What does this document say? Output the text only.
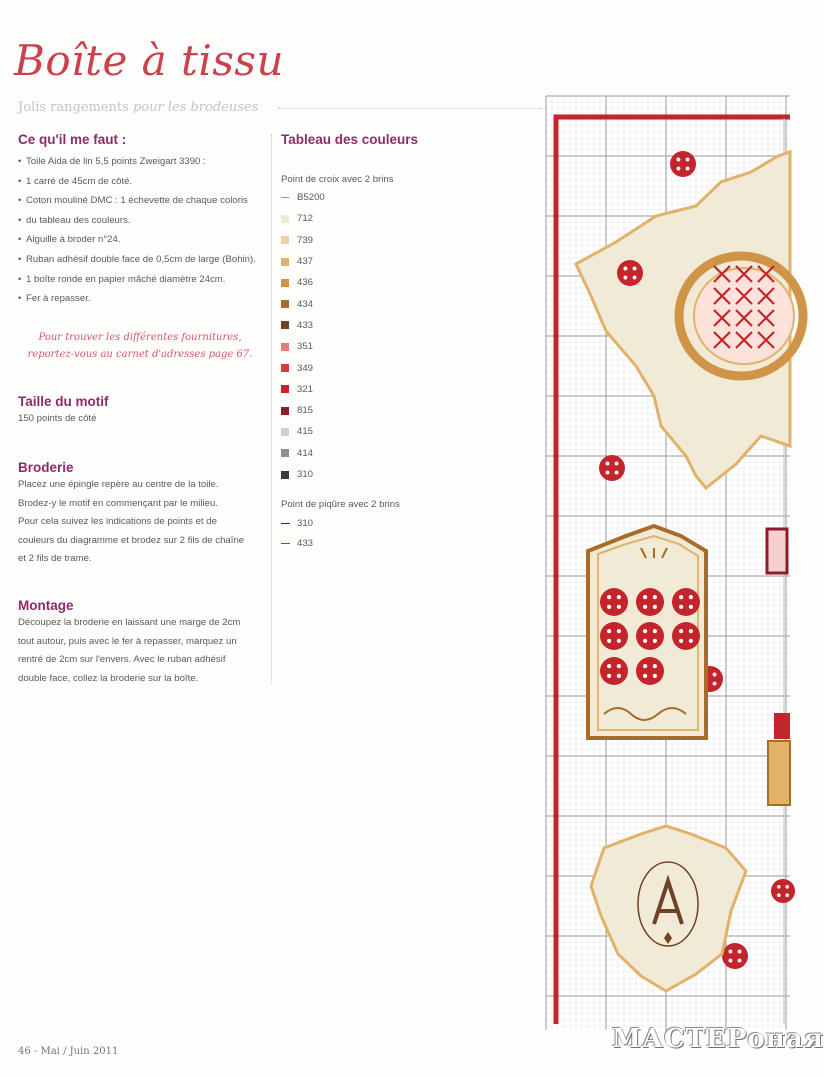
Boîte à tissu
Jolis rangements pour les brodeuses
Ce qu'il me faut :
• Toile Aida de lin 5,5 points Zweigart 3390 :
• 1 carré de 45cm de côté.
• Coton mouliné DMC : 1 échevette de chaque coloris
• du tableau des couleurs.
• Aiguille à broder n°24.
• Ruban adhésif double face de 0,5cm de large (Bohin).
• 1 boîte ronde en papier mâché diamètre 24cm.
• Fer à repasser.
Pour trouver les différentes fournitures,
reportez-vous au carnet d'adresses page 67.
Taille du motif
150 points de côté
Broderie
Placez une épingle repère au centre de la toile.
Brodez-y le motif en commençant par le milieu.
Pour cela suivez les indications de points et de
couleurs du diagramme et brodez sur 2 fils de chaîne
et 2 fils de trame.
Montage
Découpez la broderie en laissant une marge de 2cm
tout autour, puis avec le fer à repasser, marquez un
rentré de 2cm sur l'envers. Avec le ruban adhésif
double face, collez la broderie sur la boîte.
Tableau des couleurs
Point de croix avec 2 brins
B5200
712
739
437
436
434
433
351
349
321
815
415
414
310
Point de piqûre avec 2 brins
310
433
46 - Mai / Juin 2011	МАСТЕРоная
